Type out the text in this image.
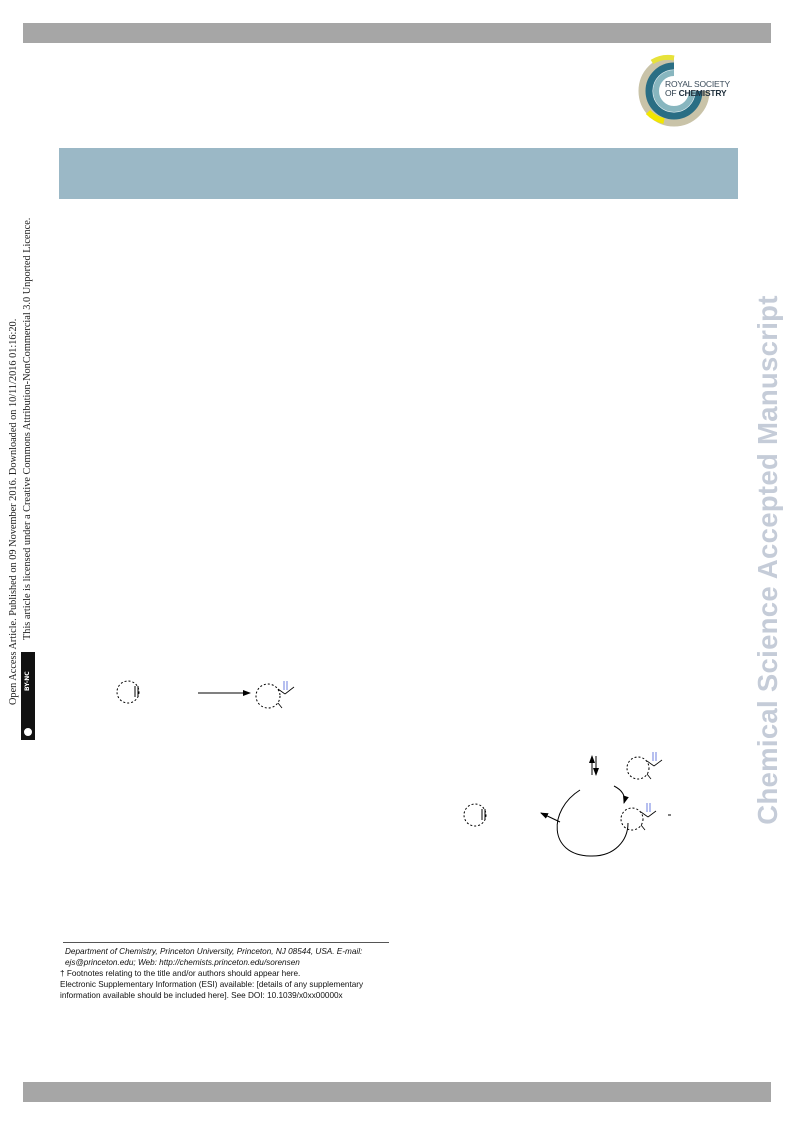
ROYAL SOCIETY
OF CHEMISTRY
Open Access Article. Published on 09 November 2016. Downloaded on 10/11/2016 01:16:20. This article is licensed under a Creative Commons Attribution-NonCommercial 3.0 Unported Licence.
BY-NC	Chemical Science Accepted Manuscript
Department of Chemistry, Princeton University, Princeton, NJ 08544, USA. E-mail: ejs@princeton.edu; Web: http://chemists.princeton.edu/sorensen
† Footnotes relating to the title and/or authors should appear here.
Electronic Supplementary Information (ESI) available: [details of any supplementary information available should be included here]. See DOI: 10.1039/x0xx00000x
